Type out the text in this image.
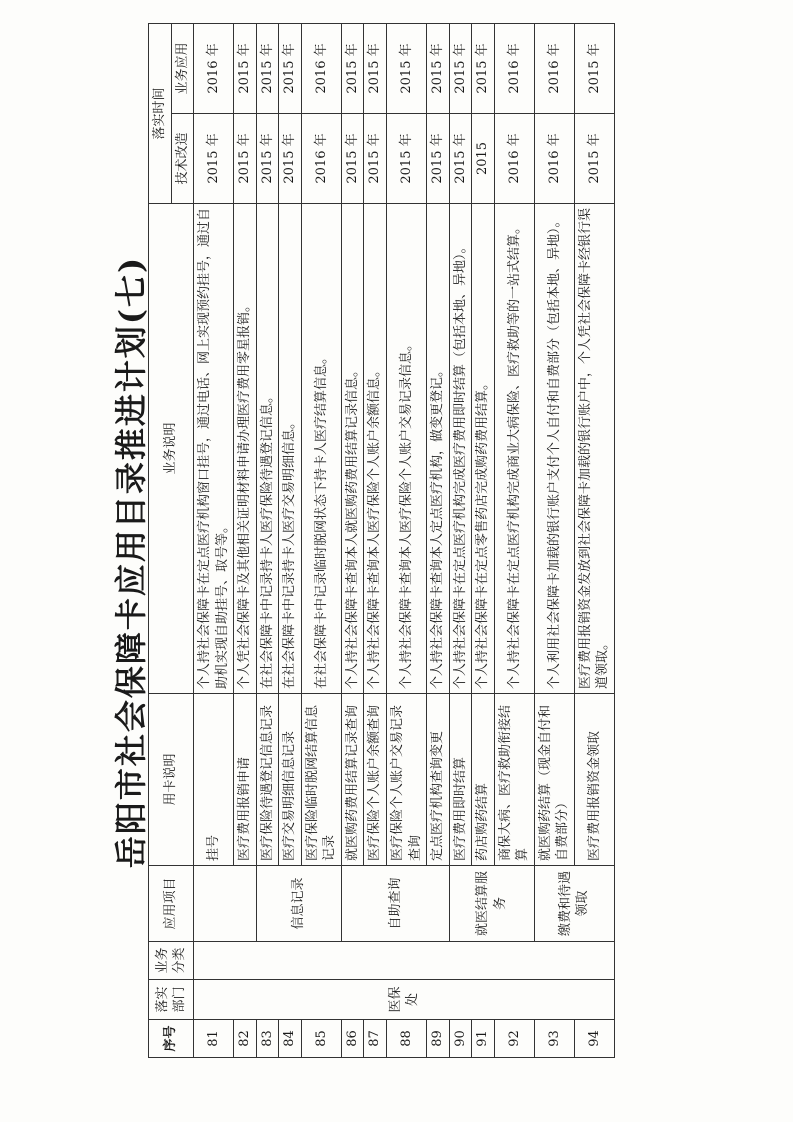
岳阳市社会保障卡应用目录推进计划(七)
序号	落实部门	业务分类	应用项目	用卡说明	业务说明	落实时间	
						技术改造	业务应用
81	医保处			挂号	个人持社会保障卡在定点医疗机构窗口挂号，通过电话、网上实现预约挂号，通过自助机实现自助挂号、取号等。	2015 年	2016 年
82				医疗费用报销申请	个人凭社会保障卡及其他相关证明材料申请办理医疗费用零星报销。	2015 年	2015 年
83			信息记录	医疗保险待遇登记信息记录	在社会保障卡中记录持卡人医疗保险待遇登记信息。	2015 年	2015 年
84				医疗交易明细信息记录	在社会保障卡中记录持卡人医疗交易明细信息。	2015 年	2015 年
85				医疗保险临时脱网结算信息记录	在社会保障卡中记录临时脱网状态下持卡人医疗结算信息。	2016 年	2016 年
86			自助查询	就医购药费用结算记录查询	个人持社会保障卡查询本人就医购药费用结算记录信息。	2015 年	2015 年
87				医疗保险个人账户余额查询	个人持社会保障卡查询本人医疗保险个人账户余额信息。	2015 年	2015 年
88				医疗保险个人账户交易记录查询	个人持社会保障卡查询本人医疗保险个人账户交易记录信息。	2015 年	2015 年
89				定点医疗机构查询变更	个人持社会保障卡查询本人定点医疗机构，做变更登记。	2015 年	2015 年
90			就医结算服务	医疗费用即时结算	个人持社会保障卡在定点医疗机构完成医疗费用即时结算（包括本地、异地）。	2015 年	2015 年
91				药店购药结算	个人持社会保障卡在定点零售药店完成购药费用结算。	2015	2015 年
92				商保大病、医疗救助衔接结算	个人持社会保障卡在定点医疗机构完成商业大病保险、医疗救助等的一站式结算。	2016 年	2016 年
93			缴费和待遇领取	就医购药结算（现金自付和自费部分）	个人利用社会保障卡加载的银行账户支付个人自付和自费部分（包括本地、异地）。	2016 年	2016 年
94				医疗费用报销资金领取	医疗费用报销资金发放到社会保障卡加载的银行账户中，个人凭社会保障卡经银行渠道领取。	2015 年	2015 年
